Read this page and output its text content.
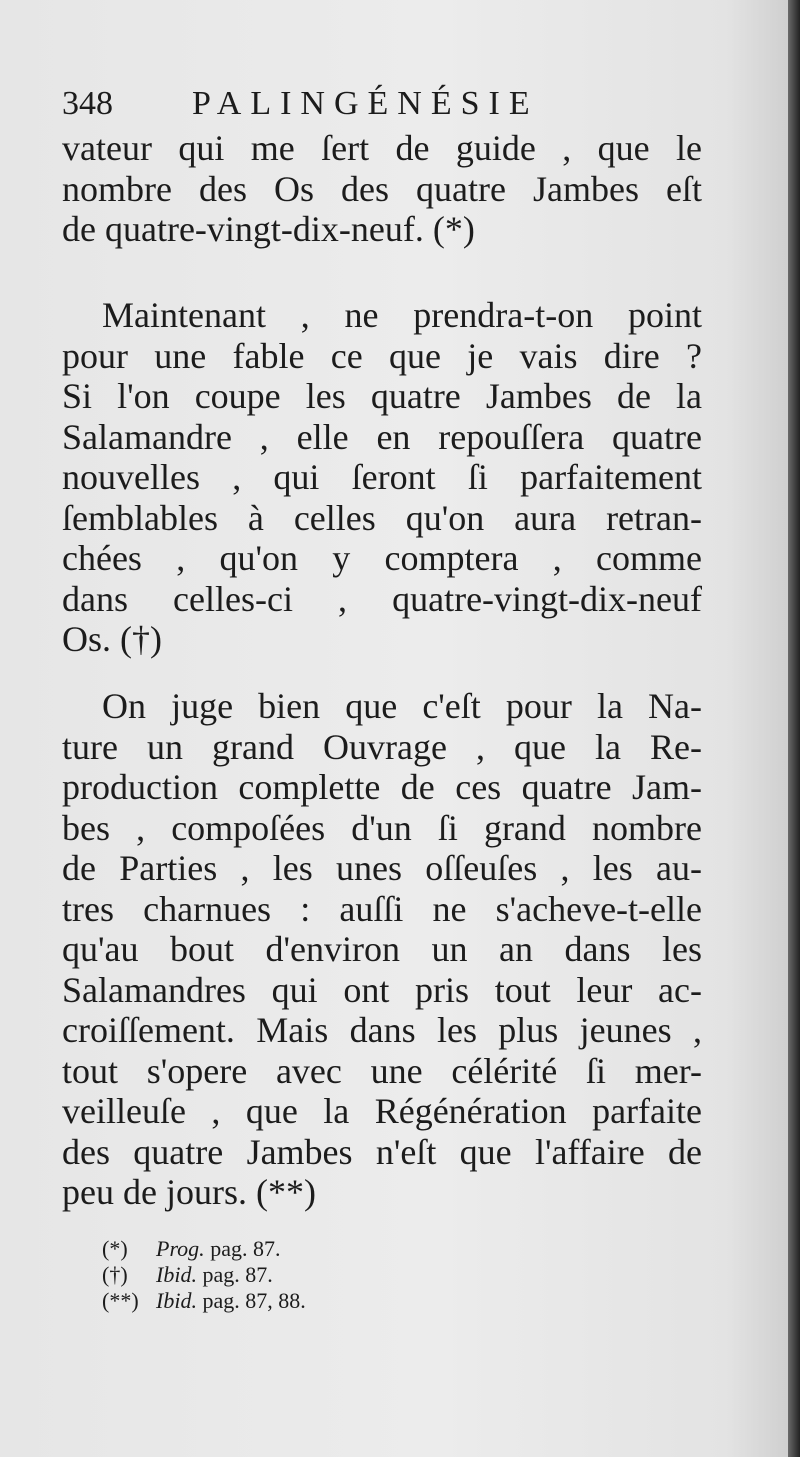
348 PALINGÉNÉSIE
vateur qui me ſert de guide , que le
nombre des Os des quatre Jambes eſt
de quatre-vingt-dix-neuf. (*)
Maintenant , ne prendra-t-on point
pour une fable ce que je vais dire ?
Si l'on coupe les quatre Jambes de la
Salamandre , elle en repouſſera quatre
nouvelles , qui ſeront ſi parfaitement
ſemblables à celles qu'on aura retran-
chées , qu'on y comptera , comme
dans celles-ci , quatre-vingt-dix-neuf
Os. (†)
On juge bien que c'eſt pour la Na-
ture un grand Ouvrage , que la Re-
production complette de ces quatre Jam-
bes , compoſées d'un ſi grand nombre
de Parties , les unes oſſeuſes , les au-
tres charnues : auſſi ne s'acheve-t-elle
qu'au bout d'environ un an dans les
Salamandres qui ont pris tout leur ac-
croiſſement. Mais dans les plus jeunes ,
tout s'opere avec une célérité ſi mer-
veilleuſe , que la Régénération parfaite
des quatre Jambes n'eſt que l'affaire de
peu de jours. (**)
(*) Prog. pag. 87.
(†) Ibid. pag. 87.
(**) Ibid. pag. 87, 88.
